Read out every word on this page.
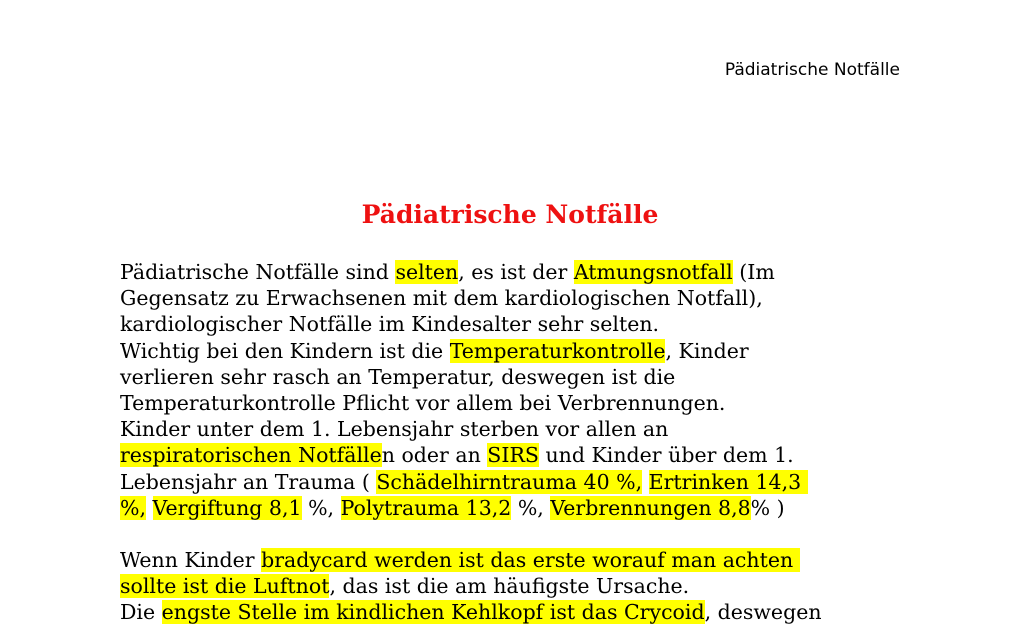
Pädiatrische Notfälle
Pädiatrische Notfälle
Pädiatrische Notfälle sind selten, es ist der Atmungsnotfall (Im
Gegensatz zu Erwachsenen mit dem kardiologischen Notfall),
kardiologischer Notfälle im Kindesalter sehr selten.
Wichtig bei den Kindern ist die Temperaturkontrolle, Kinder
verlieren sehr rasch an Temperatur, deswegen ist die
Temperaturkontrolle Pflicht vor allem bei Verbrennungen.
Kinder unter dem 1. Lebensjahr sterben vor allen an
respiratorischen Notfällen oder an SIRS und Kinder über dem 1.
Lebensjahr an Trauma ( Schädelhirntrauma 40 %, Ertrinken 14,3
%, Vergiftung 8,1 %, Polytrauma 13,2 %, Verbrennungen 8,8% )
Wenn Kinder bradycard werden ist das erste worauf man achten
sollte ist die Luftnot, das ist die am häufigste Ursache.
Die engste Stelle im kindlichen Kehlkopf ist das Crycoid, deswegen
